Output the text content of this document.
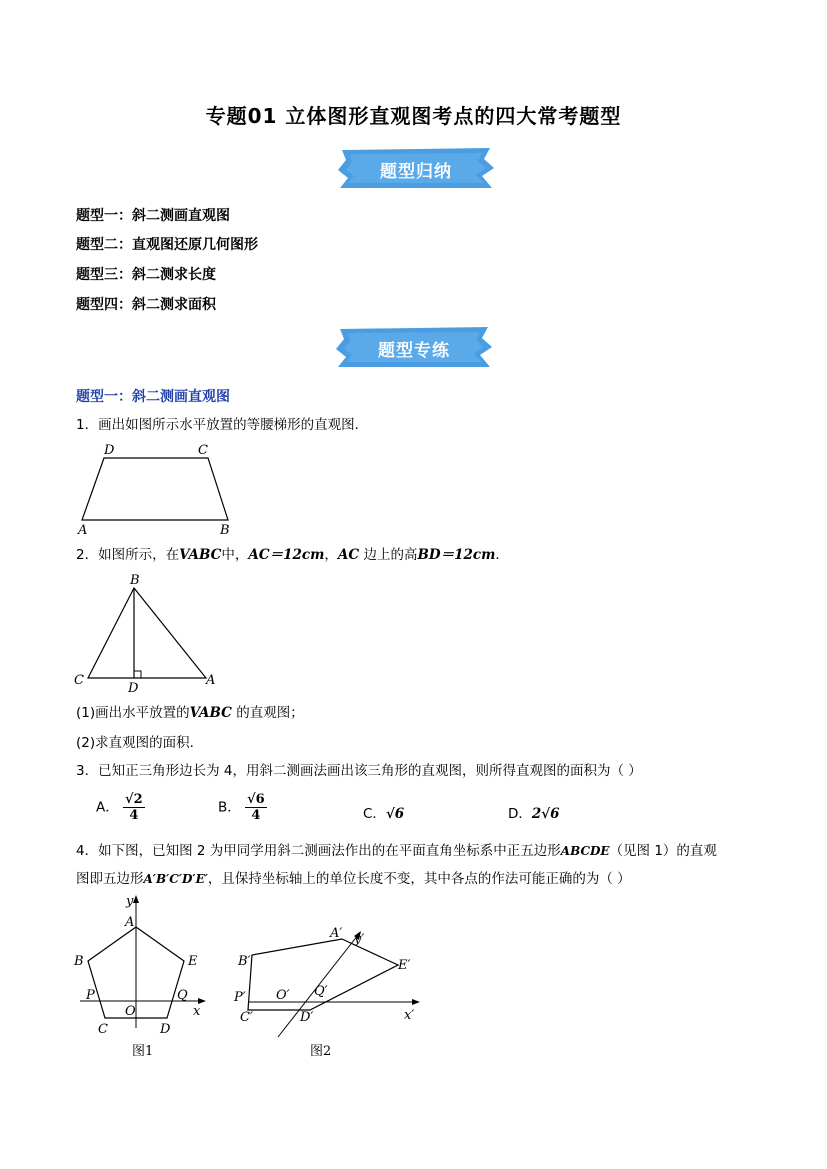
专题01 立体图形直观图考点的四大常考题型
题型归纳
题型一：斜二测画直观图
题型二：直观图还原几何图形
题型三：斜二测求长度
题型四：斜二测求面积
题型专练
题型一：斜二测画直观图
1．画出如图所示水平放置的等腰梯形的直观图．
D	C
A	B
2．如图所示，在VABC中，AC＝12cm，AC 边上的高BD＝12cm．
B
C
D
A
(1)画出水平放置的VABC 的直观图；
(2)求直观图的面积．
3．已知正三角形边长为 4，用斜二测画法画出该三角形的直观图，则所得直观图的面积为（ ）
A． $\frac{√2}{4}$	B． $\frac{√6}{4}$	C．√6	D．2√6
4．如下图，已知图 2 为甲同学用斜二测画法作出的在平面直角坐标系中正五边形ABCDE（见图 1）的直观
图即五边形A′B′C′D′E′，且保持坐标轴上的单位长度不变，其中各点的作法可能正确的为（ ）
y
A
B	E
P	Q
O	x
C	D
图1
A′ y′
B′	E′
P′	Q′
O′
x′
C′	D′
图2
